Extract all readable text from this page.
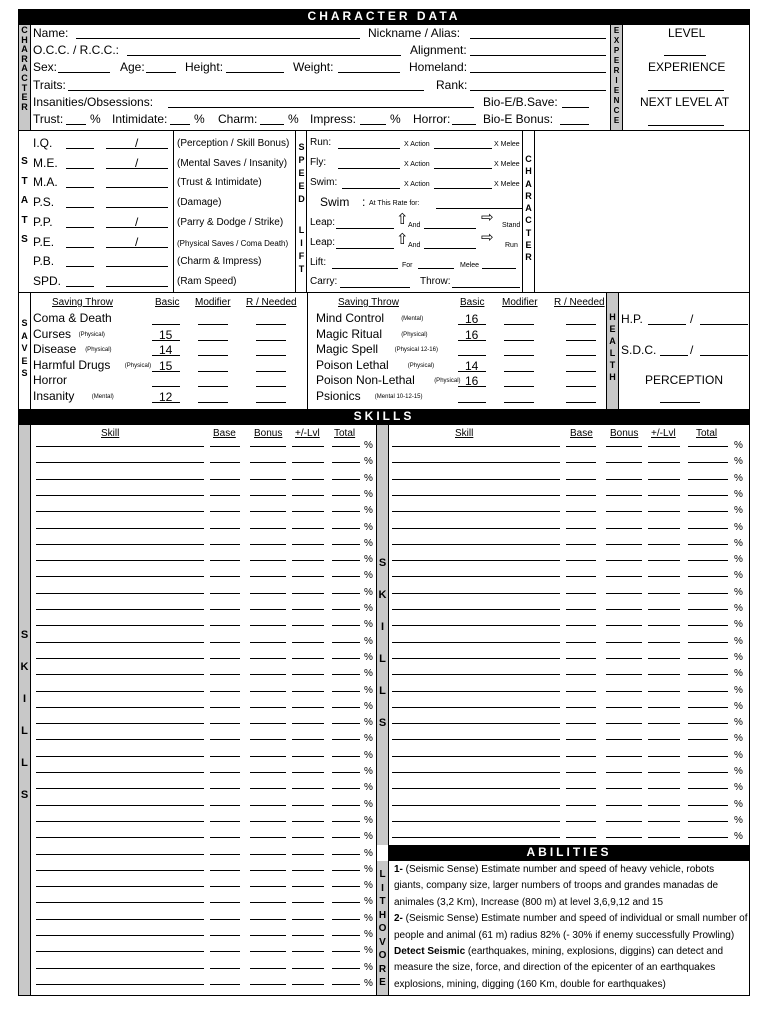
CHARACTER DATA
C
H
A
R
A
C
T
E
R
Name:	Nickname / Alias:
O.C.C. / R.C.C.:	Alignment:
Sex:	Age:	Height:	Weight:	Homeland:
Traits:	Rank:
Insanities/Obsessions:	Bio-E/B.Save:
Trust: % Intimidate: % Charm:	% Impress:	% Horror:	Bio-E Bonus:
E
X
P
E
R
I
E
N
C
E
LEVEL
EXPERIENCE
NEXT LEVEL AT
S
T
A
T
S
I.Q.	/	(Perception / Skill Bonus)
M.E.	/	(Mental Saves / Insanity)
M.A.	(Trust & Intimidate)
P.S.	(Damage)
P.P.	/	(Parry & Dodge / Strike)
P.E.	/	(Physical Saves / Coma Death)
P.B.	(Charm & Impress)
SPD.	(Ram Speed)
S
P
E
E
D
L
I
F
T
Run:	X Action	X Melee
Fly:	X Action	X Melee
Swim:	X Action	X Melee
Swim : At This Rate for:
Leap:	⇧ And	⇨ Stand
Leap:	⇧ And	⇨ Run
Lift:	For	Melee
Carry:	Throw:
C
H
A
R
A
C
T
E
R
S
A
V
E
S
Saving Throw	Basic Modifier R / Needed
Coma & Death
Curses (Physical)	15
Disease (Physical)	14
Harmful Drugs (Physical) 15
Horror
Insanity	(Mental)	12
Saving Throw	Basic Modifier R / Needed
Mind Control	(Mental)	16
Magic Ritual	(Physical)	16
Magic Spell	(Physical 12-16)
Poison Lethal	(Physical)	14
Poison Non-Lethal	(Physical) 16
Psionics (Mental 10-12-15)
H
E
A
L
T
H
H.P.	/
S.D.C.	/
PERCEPTION
SKILLS
S
K
I
L
L
S
Skill	Base Bonus +/-Lvl Total
%
%
%
%
%
%
%
%
%
%
%
%
%
%
%
%
%
%
%
%
%
%
%
%
%
%
%
%
%
%
%
%
%
%
S
K
I
L
L
S
Skill	Base Bonus +/-Lvl Total
%
%
%
%
%
%
%
%
%
%
%
%
%
%
%
%
%
%
%
%
%
%
%
%
%
ABILITIES
L
I
T
H
O
V
O
R
E
1- (Seismic Sense) Estimate number and speed of heavy vehicle, robots
giants, company size, larger numbers of troops and grandes manadas de
animales (3,2 Km), Increase (800 m) at level 3,6,9,12 and 15
2- (Seismic Sense) Estimate number and speed of individual or small number of
people and animal (61 m) radius 82% (- 30% if enemy successfully Prowling)
Detect Seismic (earthquakes, mining, explosions, diggins) can detect and
measure the size, force, and direction of the epicenter of an earthquakes
explosions, mining, digging (160 Km, double for earthquakes)
